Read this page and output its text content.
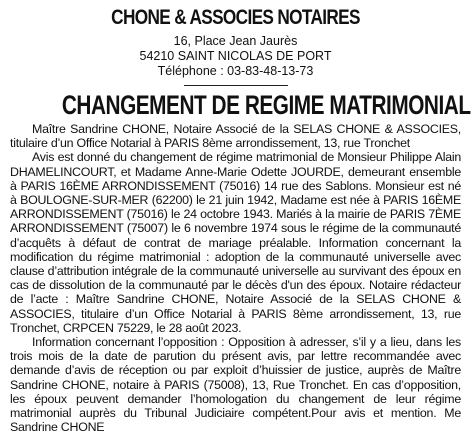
CHONE & ASSOCIES NOTAIRES
16, Place Jean Jaurès
54210 SAINT NICOLAS DE PORT
Téléphone : 03-83-48-13-73
CHANGEMENT DE REGIME MATRIMONIAL

Maître Sandrine CHONE, Notaire Associé de la SELAS CHONE & ASSOCIES, titulaire d’un Office Notarial à PARIS 8ème arrondissement, 13, rue Tronchet

Avis est donné du changement de régime matrimonial de Monsieur Philippe Alain DHAMELINCOURT, et Madame Anne-Marie Odette JOURDE, demeurant ensemble à PARIS 16ÈME ARRONDISSEMENT (75016) 14 rue des Sablons. Monsieur est né à BOULOGNE-SUR-MER (62200) le 21 juin 1942, Madame est née à PARIS 16ÈME ARRONDISSEMENT (75016) le 24 octobre 1943. Mariés à la mairie de PARIS 7ÈME ARRONDISSEMENT (75007) le 6 novembre 1974 sous le régime de la communauté d’acquêts à défaut de contrat de mariage préalable. Information concernant la modification du régime matrimonial : adoption de la communauté universelle avec clause d’attribution intégrale de la communauté universelle au survivant des époux en cas de dissolution de la communauté par le décès d'un des époux. Notaire rédacteur de l’acte : Maître Sandrine CHONE, Notaire Associé de la SELAS CHONE & ASSOCIES, titulaire d’un Office Notarial à PARIS 8ème arrondissement, 13, rue Tronchet, CRPCEN 75229, le 28 août 2023.

Information concernant l’opposition : Opposition à adresser, s’il y a lieu, dans les trois mois de la date de parution du présent avis, par lettre recommandée avec demande d’avis de réception ou par exploit d’huissier de justice, auprès de Maître Sandrine CHONE, notaire à PARIS (75008), 13, Rue Tronchet. En cas d’opposition, les époux peuvent demander l’homologation du changement de leur régime matrimonial auprès du Tribunal Judiciaire compétent.Pour avis et mention. Me Sandrine CHONE
